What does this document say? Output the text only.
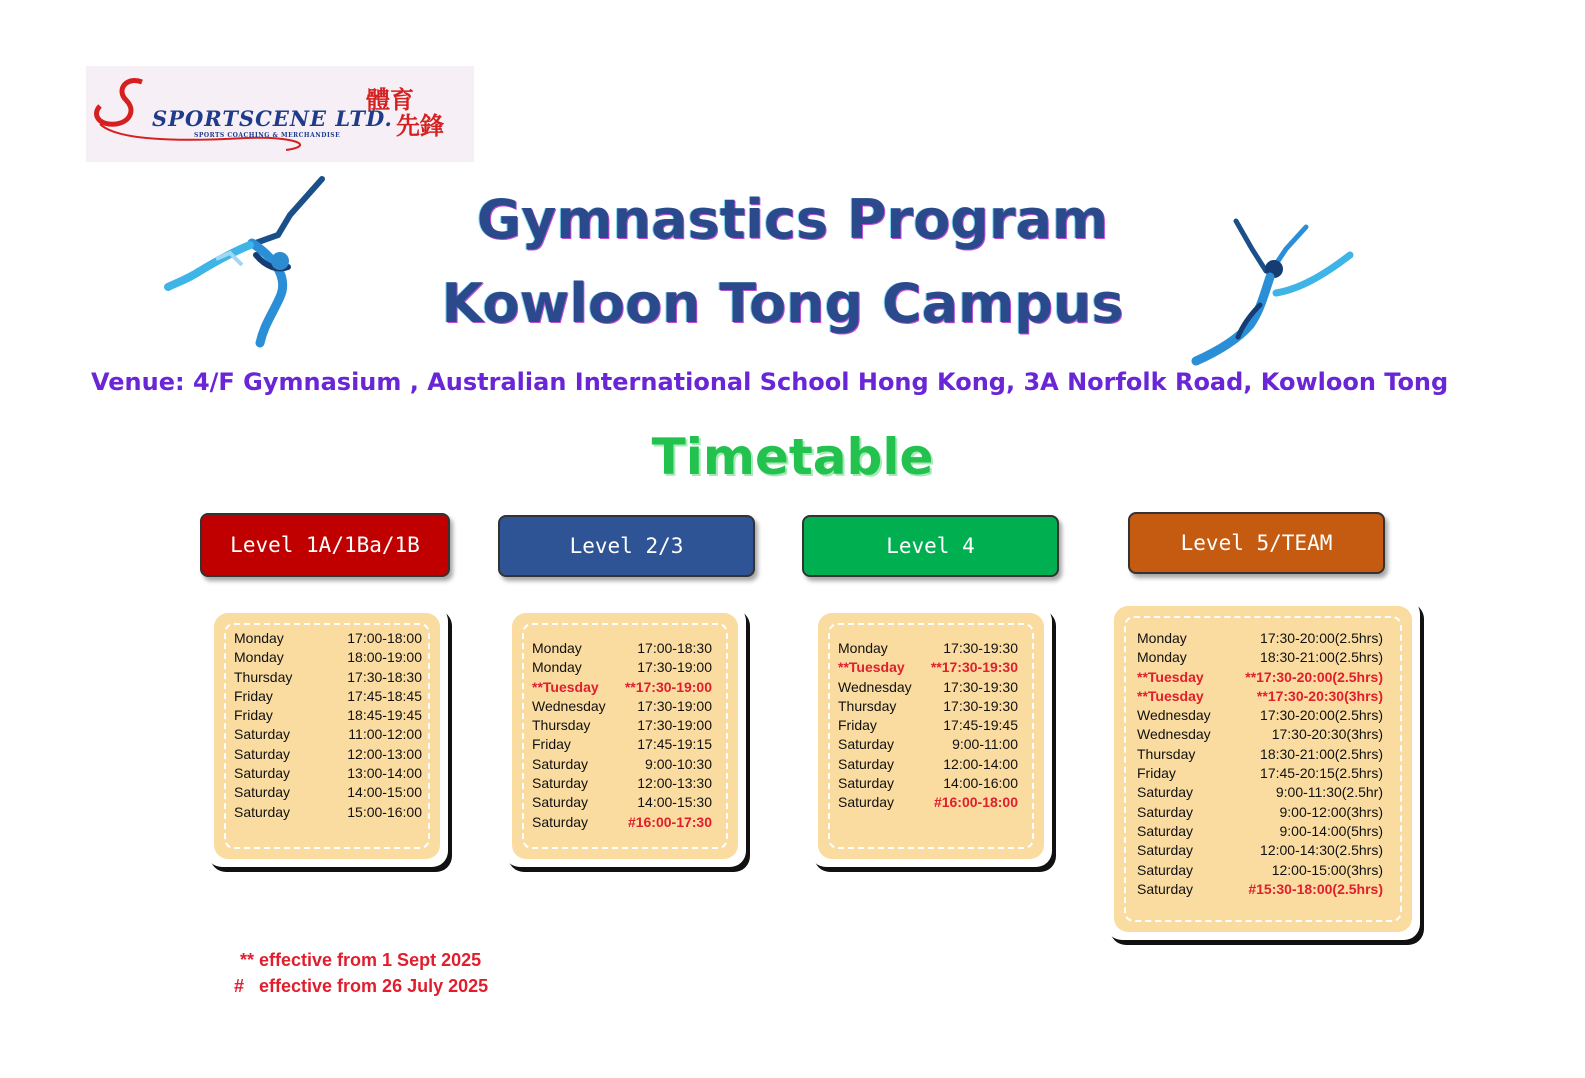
SPORTSCENE LTD.
SPORTS COACHING & MERCHANDISE
體育
先鋒
Gymnastics Program
Kowloon Tong Campus
Venue: 4/F Gymnasium , Australian International School Hong Kong, 3A Norfolk Road, Kowloon Tong
Timetable
Level 1A/1Ba/1B	Level 2/3	Level 4	Level 5/TEAM
Monday	17:00-18:00
Monday	18:00-19:00
Thursday	17:30-18:30
Friday	17:45-18:45
Friday	18:45-19:45
Saturday	11:00-12:00
Saturday	12:00-13:00
Saturday	13:00-14:00
Saturday	14:00-15:00
Saturday	15:00-16:00
Monday	17:00-18:30
Monday	17:30-19:00
**Tuesday **17:30-19:00
Wednesday 17:30-19:00
Thursday	17:30-19:00
Friday	17:45-19:15
Saturday	9:00-10:30
Saturday	12:00-13:30
Saturday	14:00-15:30
Saturday	#16:00-17:30
Monday	17:30-19:30
**Tuesday **17:30-19:30
Wednesday 17:30-19:30
Thursday	17:30-19:30
Friday	17:45-19:45
Saturday	9:00-11:00
Saturday	12:00-14:00
Saturday	14:00-16:00
Saturday	#16:00-18:00
Monday	17:30-20:00(2.5hrs)
Monday	18:30-21:00(2.5hrs)
**Tuesday	**17:30-20:00(2.5hrs)
**Tuesday	**17:30-20:30(3hrs)
Wednesday	17:30-20:00(2.5hrs)
Wednesday	17:30-20:30(3hrs)
Thursday	18:30-21:00(2.5hrs)
Friday	17:45-20:15(2.5hrs)
Saturday	9:00-11:30(2.5hr)
Saturday	9:00-12:00(3hrs)
Saturday	9:00-14:00(5hrs)
Saturday	12:00-14:30(2.5hrs)
Saturday	12:00-15:00(3hrs)
Saturday	#15:30-18:00(2.5hrs)
** effective from 1 Sept 2025
#   effective from 26 July 2025
